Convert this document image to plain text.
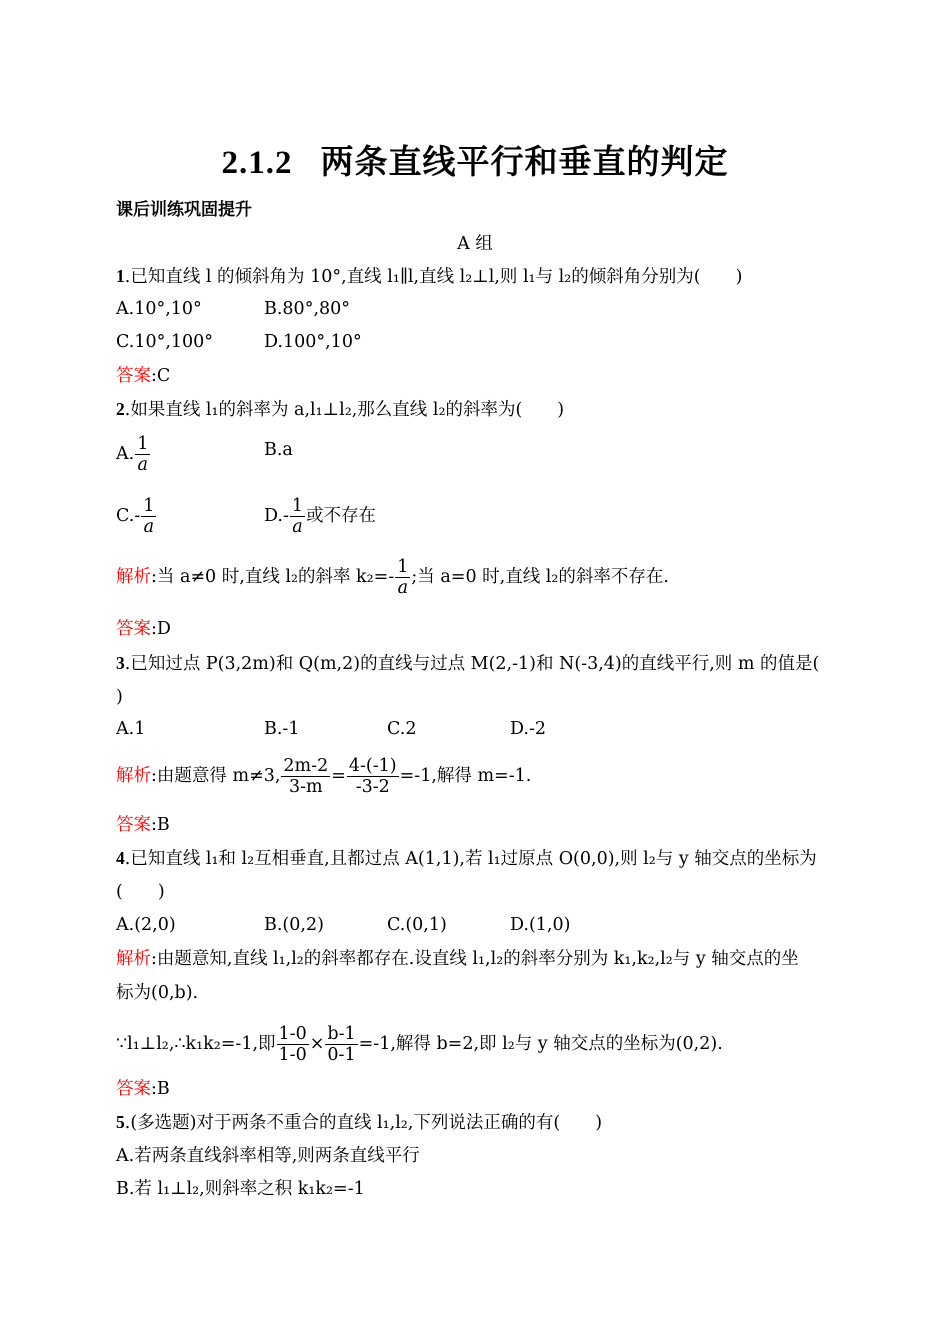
2.1.2 两条直线平行和垂直的判定
课后训练巩固提升
A 组
1.已知直线 l 的倾斜角为 10°,直线 l₁∥l,直线 l₂⊥l,则 l₁与 l₂的倾斜角分别为(　　)
A.10°,10°	B.80°,80°
C.10°,100°	D.100°,10°
答案:C
2.如果直线 l₁的斜率为 a,l₁⊥l₂,那么直线 l₂的斜率为(　　)
A. $\frac{1}{a}$	B.a
$C.- \frac{1}{a}$	$D.- \frac{1}{a}$ 或不存在
解析:当 a≠0 时,直线 l₂的斜率 $k_2=- \frac{1}{a}$ ;当 a=0 时,直线 l₂的斜率不存在.
答案:D
3.已知过点 P(3,2m)和 Q(m,2)的直线与过点 M(2,-1)和 N(-3,4)的直线平行,则 m 的值是(
)
A.1	B.-1	C.2	D.-2
解析:由题意得 m≠3, $\frac{2m-2}{3-m} = \frac{4-(-1)}{-3-2} =-1$,解得 m=-1.
答案:B
4.已知直线 l₁和 l₂互相垂直,且都过点 A(1,1),若 l₁过原点 O(0,0),则 l₂与 y 轴交点的坐标为
(　　)
A.(2,0)	B.(0,2)	C.(0,1)	D.(1,0)
解析:由题意知,直线 l₁,l₂的斜率都存在.设直线 l₁,l₂的斜率分别为 k₁,k₂,l₂与 y 轴交点的坐
标为(0,b).
∵l₁⊥l₂,∴k₁k₂=-1,即 $\frac{1-0}{1-0} \times \frac{b-1}{0-1} =-1$,解得 b=2,即 l₂与 y 轴交点的坐标为(0,2).
答案:B
5.(多选题)对于两条不重合的直线 l₁,l₂,下列说法正确的有(　　)
A.若两条直线斜率相等,则两条直线平行
B.若 l₁⊥l₂,则斜率之积 k₁k₂=-1
